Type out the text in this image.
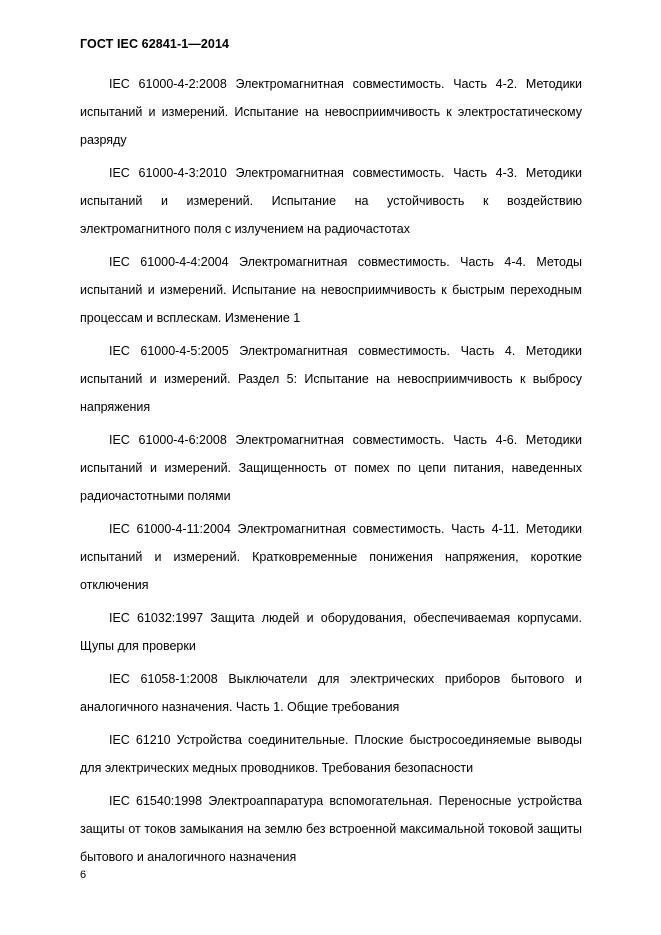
ГОСТ IEC 62841-1—2014

IEC 61000-4-2:2008 Электромагнитная совместимость. Часть 4-2. Методики испытаний и измерений. Испытание на невосприимчивость к электростатическому разряду

IEC 61000-4-3:2010 Электромагнитная совместимость. Часть 4-3. Методики испытаний и измерений. Испытание на устойчивость к воздействию электромагнитного поля с излучением на радиочастотах

IEC 61000-4-4:2004 Электромагнитная совместимость. Часть 4-4. Методы испытаний и измерений. Испытание на невосприимчивость к быстрым переходным процессам и всплескам. Изменение 1

IEC 61000-4-5:2005 Электромагнитная совместимость. Часть 4. Методики испытаний и измерений. Раздел 5: Испытание на невосприимчивость к выбросу напряжения

IEC 61000-4-6:2008 Электромагнитная совместимость. Часть 4-6. Методики испытаний и измерений. Защищенность от помех по цепи питания, наведенных радиочастотными полями

IEC 61000-4-11:2004 Электромагнитная совместимость. Часть 4-11. Методики испытаний и измерений. Кратковременные понижения напряжения, короткие отключения

IEC 61032:1997 Защита людей и оборудования, обеспечиваемая корпусами. Щупы для проверки

IEC 61058-1:2008 Выключатели для электрических приборов бытового и аналогичного назначения. Часть 1. Общие требования

IEC 61210 Устройства соединительные. Плоские быстросоединяемые выводы для электрических медных проводников. Требования безопасности

IEC 61540:1998 Электроаппаратура вспомогательная. Переносные устройства защиты от токов замыкания на землю без встроенной максимальной токовой защиты бытового и аналогичного назначения

6
